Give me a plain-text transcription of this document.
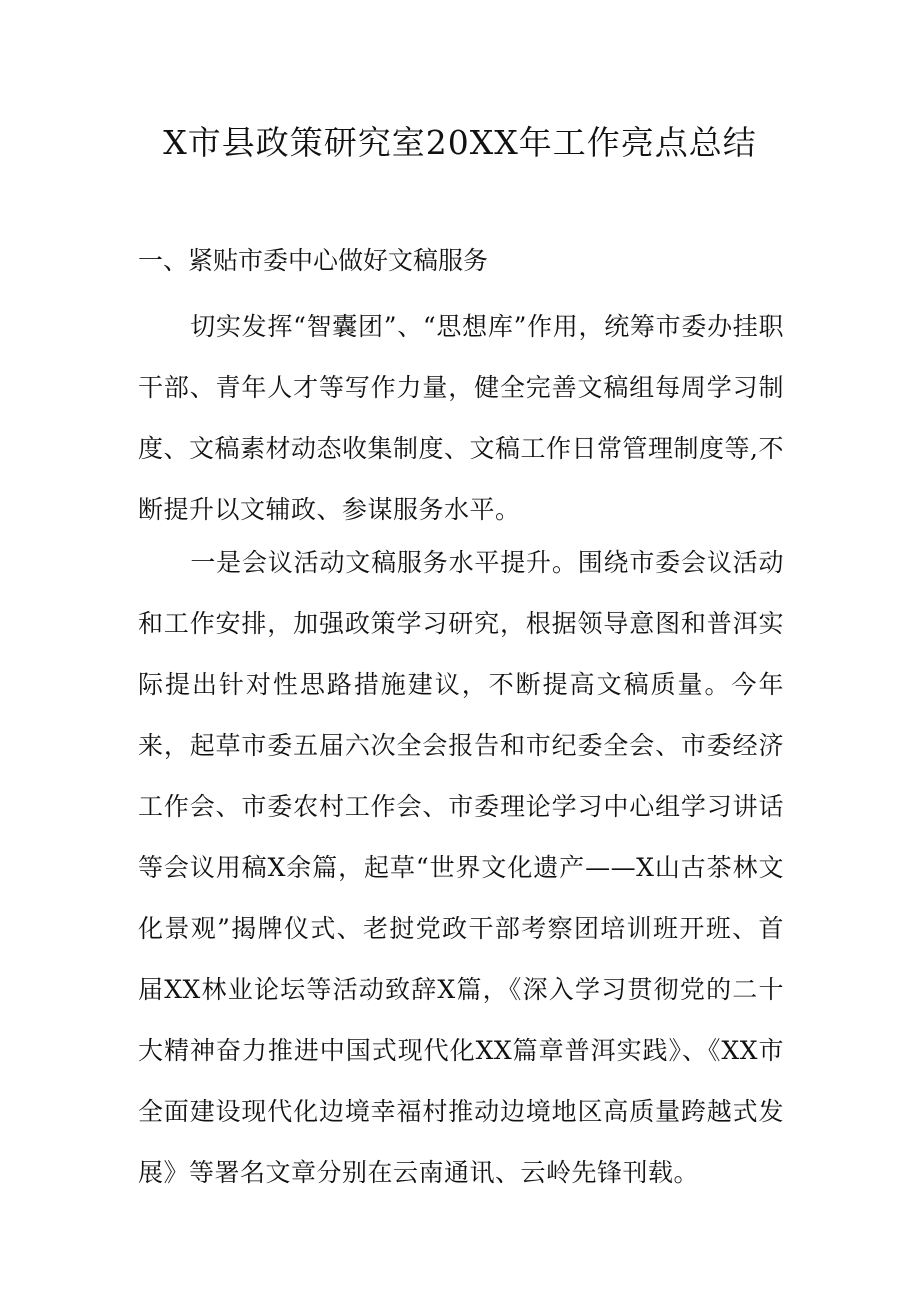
X市县政策研究室20XX年工作亮点总结
一、紧贴市委中心做好文稿服务

切实发挥“智囊团”、“思想库”作用，统筹市委办挂职干部、青年人才等写作力量，健全完善文稿组每周学习制度、文稿素材动态收集制度、文稿工作日常管理制度等,不断提升以文辅政、参谋服务水平。

一是会议活动文稿服务水平提升。围绕市委会议活动和工作安排，加强政策学习研究，根据领导意图和普洱实际提出针对性思路措施建议，不断提高文稿质量。今年来，起草市委五届六次全会报告和市纪委全会、市委经济工作会、市委农村工作会、市委理论学习中心组学习讲话等会议用稿X余篇，起草“世界文化遗产——X山古茶林文化景观”揭牌仪式、老挝党政干部考察团培训班开班、首届XX林业论坛等活动致辞X篇，《深入学习贯彻党的二十大精神奋力推进中国式现代化XX篇章普洱实践》、《XX市全面建设现代化边境幸福村推动边境地区高质量跨越式发展》等署名文章分别在云南通讯、云岭先锋刊载。
